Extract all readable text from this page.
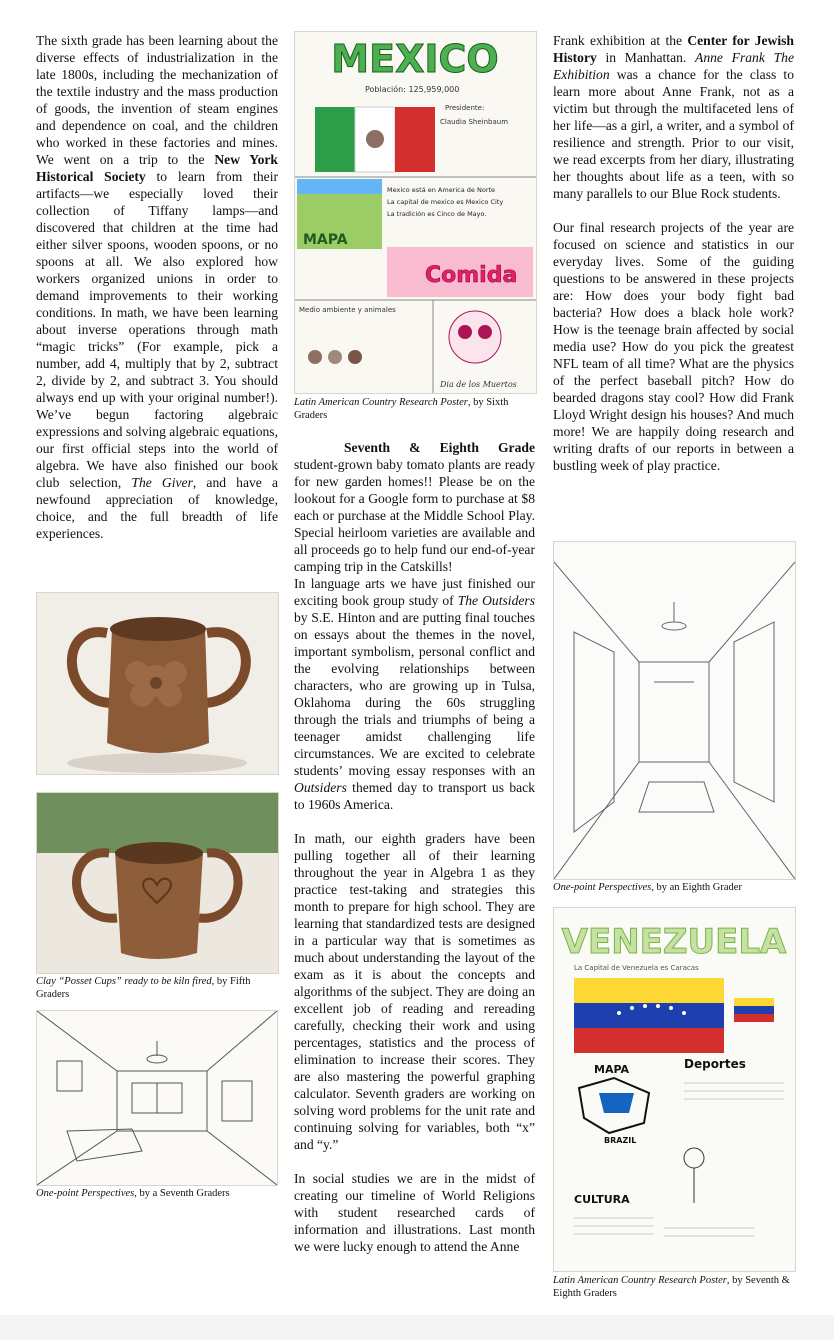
The sixth grade has been learning about the diverse effects of industrialization in the late 1800s, including the mechanization of the textile industry and the mass production of goods, the invention of steam engines and dependence on coal, and the children who worked in these factories and mines. We went on a trip to the New York Historical Society to learn from their artifacts—we especially loved their collection of Tiffany lamps—and discovered that children at the time had either silver spoons, wooden spoons, or no spoons at all. We also explored how workers organized unions in order to demand improvements to their working conditions. In math, we have been learning about inverse operations through math “magic tricks” (For example, pick a number, add 4, multiply that by 2, subtract 2, divide by 2, and subtract 3. You should always end up with your original number!). We’ve begun factoring algebraic expressions and solving algebraic equations, our first official steps into the world of algebra. We have also finished our book club selection, The Giver, and have a newfound appreciation of knowledge, choice, and the full breadth of life experiences.

Clay “Posset Cups” ready to be kiln fired, by Fifth Graders
One-point Perspectives, by a Seventh Graders
MEXICO
Población: 125,959,000
Presidente:
Claudia Sheinbaum
MAPA
Mexico está en America de Norte
La capital de mexico es Mexico City
La tradición es Cinco de Mayo.
Comida
Medio ambiente y animales
Dia de los Muertos
Latin American Country Research Poster, by Sixth Graders

Seventh & Eighth Grade student-grown baby tomato plants are ready for new garden homes!! Please be on the lookout for a Google form to purchase at $8 each or purchase at the Middle School Play. Special heirloom varieties are available and all proceeds go to help fund our end-of-year camping trip in the Catskills!

In language arts we have just finished our exciting book group study of The Outsiders by S.E. Hinton and are putting final touches on essays about the themes in the novel, important symbolism, personal conflict and the evolving relationships between characters, who are growing up in Tulsa, Oklahoma during the 60s struggling through the trials and triumphs of being a teenager amidst challenging life circumstances. We are excited to celebrate students’ moving essay responses with an Outsiders themed day to transport us back to 1960s America.

In math, our eighth graders have been pulling together all of their learning throughout the year in Algebra 1 as they practice test-taking and strategies this month to prepare for high school. They are learning that standardized tests are designed in a particular way that is sometimes as much about understanding the layout of the exam as it is about the concepts and algorithms of the subject. They are doing an excellent job of reading and rereading carefully, checking their work and using percentages, statistics and the process of elimination to increase their scores. They are also mastering the powerful graphing calculator. Seventh graders are working on solving word problems for the unit rate and continuing solving for variables, both “x” and “y.”

In social studies we are in the midst of creating our timeline of World Religions with student researched cards of information and illustrations. Last month we were lucky enough to attend the Anne

Frank exhibition at the Center for Jewish History in Manhattan. Anne Frank The Exhibition was a chance for the class to learn more about Anne Frank, not as a victim but through the multifaceted lens of her life—as a girl, a writer, and a symbol of resilience and strength. Prior to our visit, we read excerpts from her diary, illustrating her thoughts about life as a teen, with so many parallels to our Blue Rock students.

Our final research projects of the year are focused on science and statistics in our everyday lives. Some of the guiding questions to be answered in these projects are: How does your body fight bad bacteria? How does a black hole work? How is the teenage brain affected by social media use? How do you pick the greatest NFL team of all time? What are the physics of the perfect baseball pitch? How do bearded dragons stay cool? How did Frank Lloyd Wright design his houses? And much more! We are happily doing research and writing drafts of our reports in between a bustling week of play practice.

One-point Perspectives, by an Eighth Grader
VENEZUELA
La Capital de Venezuela es Caracas
MAPA
BRAZIL
Deportes
CULTURA
Latin American Country Research Poster, by Seventh & Eighth Graders
